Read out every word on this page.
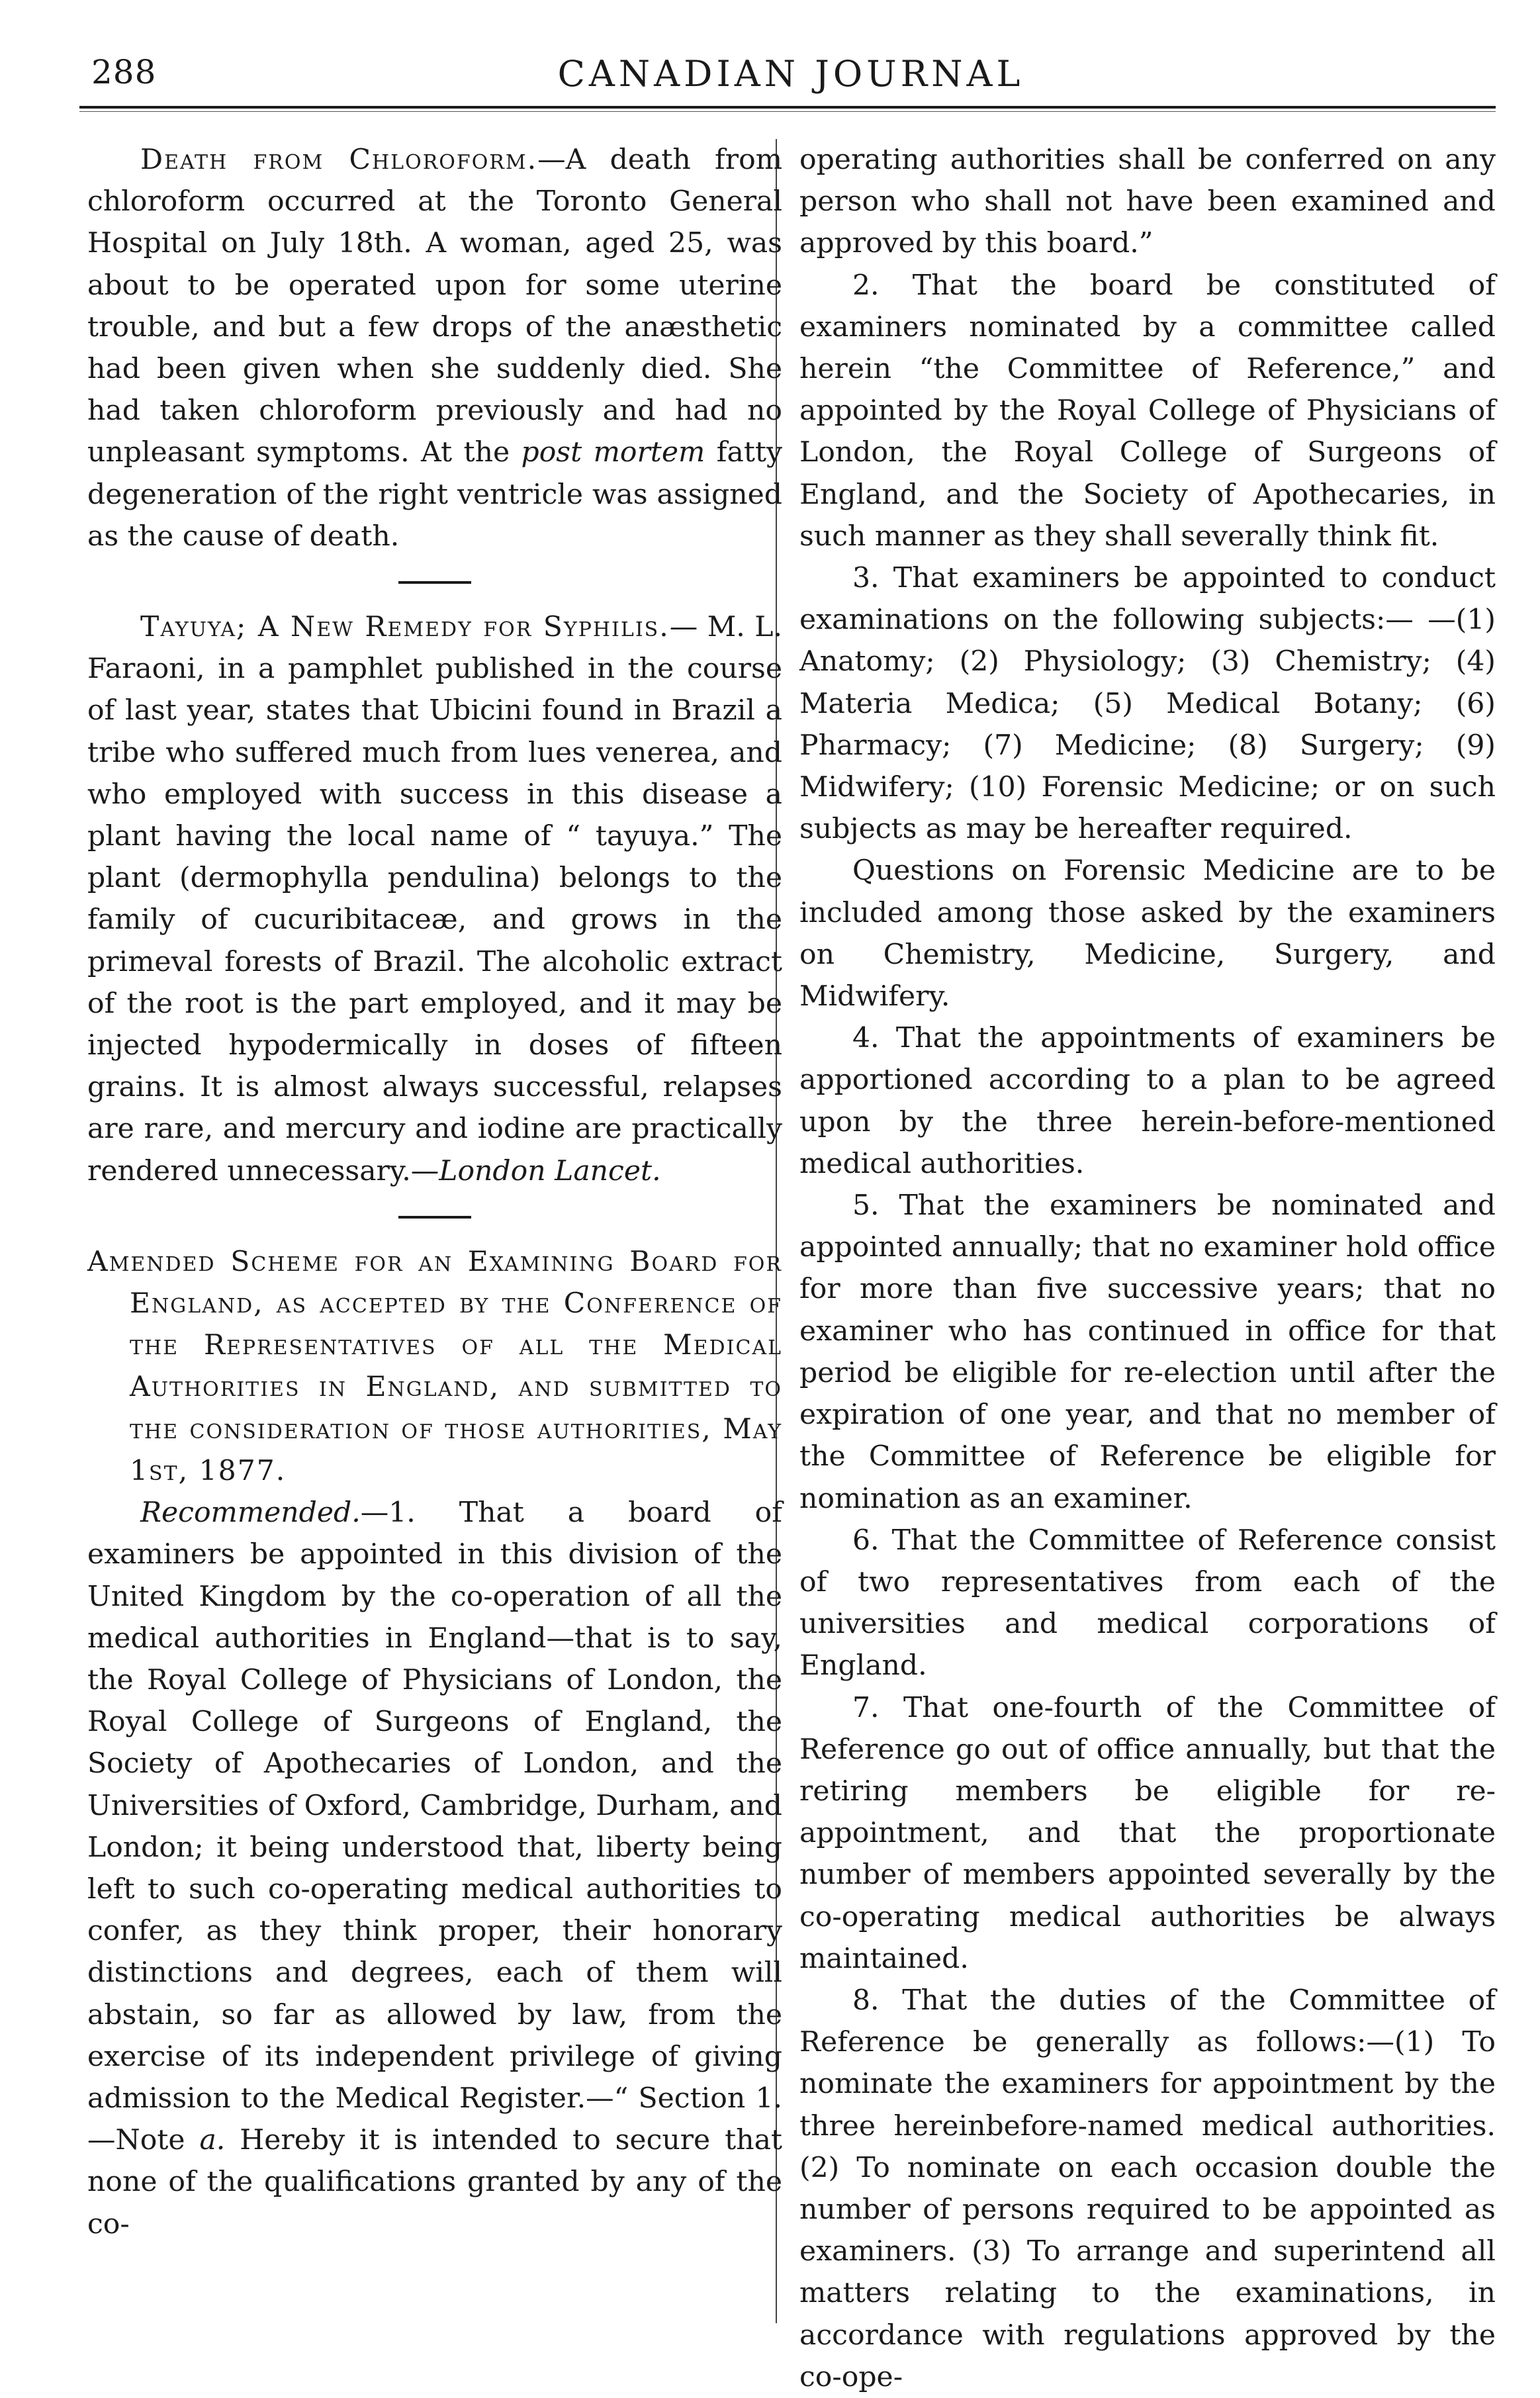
288	CANADIAN JOURNAL

Death from Chloroform.—A death from chloroform occurred at the Toronto General Hospital on July 18th. A woman, aged 25, was about to be operated upon for some uterine trouble, and but a few drops of the anæsthetic had been given when she suddenly died. She had taken chloroform previously and had no unpleasant symptoms. At the post mortem fatty degeneration of the right ventricle was assigned as the cause of death.

Tayuya; A New Remedy for Syphilis.— M. L. Faraoni, in a pamphlet published in the course of last year, states that Ubicini found in Brazil a tribe who suffered much from lues venerea, and who employed with success in this disease a plant having the local name of “ tayuya.” The plant (dermophylla pendulina) belongs to the family of cucuribitaceæ, and grows in the primeval forests of Brazil. The alcoholic extract of the root is the part employed, and it may be injected hypodermically in doses of fifteen grains. It is almost always successful, relapses are rare, and mercury and iodine are practically rendered unnecessary.—London Lancet.

Amended Scheme for an Examining Board for England, as accepted by the Conference of the Representatives of all the Medical Authorities in England, and submitted to the consideration of those authorities, May 1st, 1877.

Recommended.—1. That a board of examiners be appointed in this division of the United Kingdom by the co-operation of all the medical authorities in England—that is to say, the Royal College of Physicians of London, the Royal College of Surgeons of England, the Society of Apothecaries of London, and the Universities of Oxford, Cambridge, Durham, and London; it being understood that, liberty being left to such co-operating medical authorities to confer, as they think proper, their honorary distinctions and degrees, each of them will abstain, so far as allowed by law, from the exercise of its independent privilege of giving admission to the Medical Register.—“ Section 1.—Note a. Hereby it is intended to secure that none of the qualifications granted by any of the co-

operating authorities shall be conferred on any person who shall not have been examined and approved by this board.”

2. That the board be constituted of examiners nominated by a committee called herein “the Committee of Reference,” and appointed by the Royal College of Physicians of London, the Royal College of Surgeons of England, and the Society of Apothecaries, in such manner as they shall severally think fit.

3. That examiners be appointed to conduct examinations on the following subjects:— —(1) Anatomy; (2) Physiology; (3) Chemistry; (4) Materia Medica; (5) Medical Botany; (6) Pharmacy; (7) Medicine; (8) Surgery; (9) Midwifery; (10) Forensic Medicine; or on such subjects as may be hereafter required.

Questions on Forensic Medicine are to be included among those asked by the examiners on Chemistry, Medicine, Surgery, and Midwifery.

4. That the appointments of examiners be apportioned according to a plan to be agreed upon by the three herein-before-mentioned medical authorities.

5. That the examiners be nominated and appointed annually; that no examiner hold office for more than five successive years; that no examiner who has continued in office for that period be eligible for re-election until after the expiration of one year, and that no member of the Committee of Reference be eligible for nomination as an examiner.

6. That the Committee of Reference consist of two representatives from each of the universities and medical corporations of England.

7. That one-fourth of the Committee of Reference go out of office annually, but that the retiring members be eligible for re-appointment, and that the proportionate number of members appointed severally by the co-operating medical authorities be always maintained.

8. That the duties of the Committee of Reference be generally as follows:—(1) To nominate the examiners for appointment by the three hereinbefore-named medical authorities. (2) To nominate on each occasion double the number of persons required to be appointed as examiners. (3) To arrange and superintend all matters relating to the examinations, in accordance with regulations approved by the co-ope-
